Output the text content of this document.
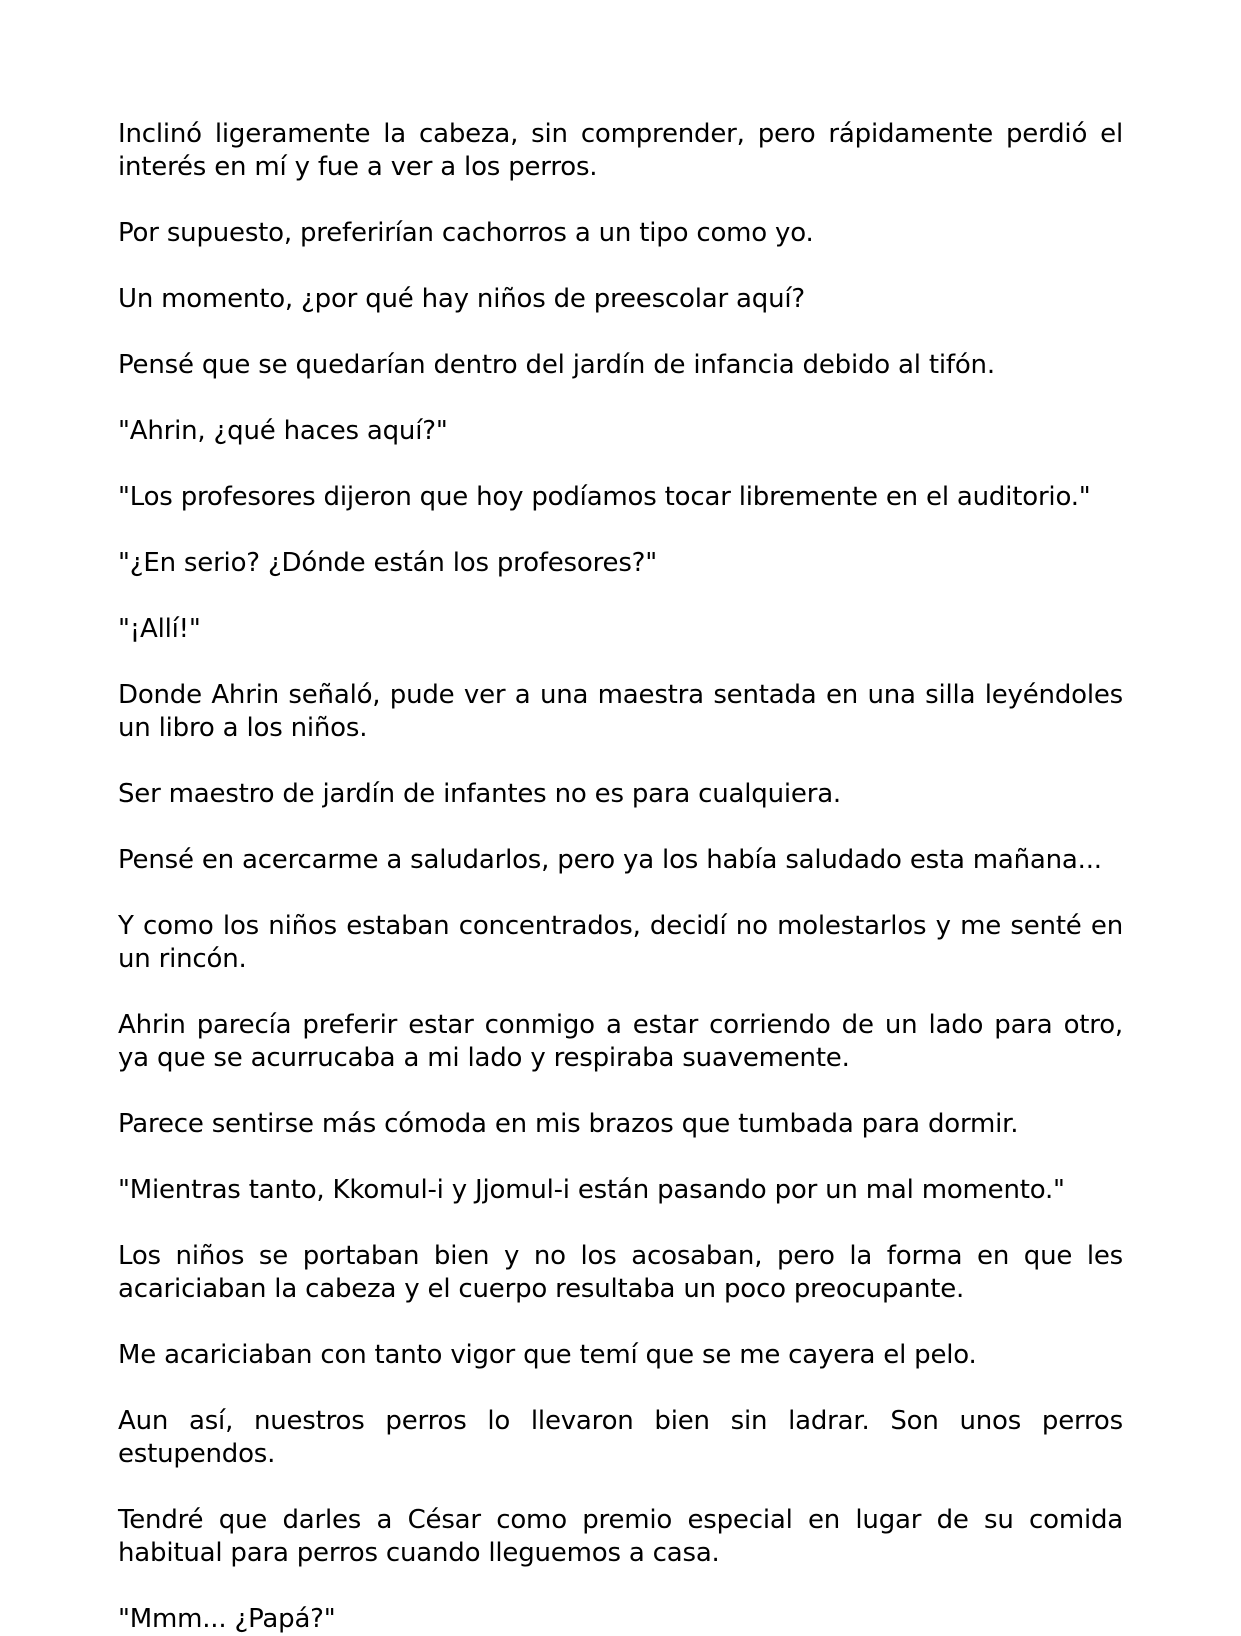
Inclinó ligeramente la cabeza, sin comprender, pero rápidamente perdió el interés en mí y fue a ver a los perros.

Por supuesto, preferirían cachorros a un tipo como yo.

Un momento, ¿por qué hay niños de preescolar aquí?

Pensé que se quedarían dentro del jardín de infancia debido al tifón.

"Ahrin, ¿qué haces aquí?"

"Los profesores dijeron que hoy podíamos tocar libremente en el auditorio."

"¿En serio? ¿Dónde están los profesores?"

"¡Allí!"

Donde Ahrin señaló, pude ver a una maestra sentada en una silla leyéndoles un libro a los niños.

Ser maestro de jardín de infantes no es para cualquiera.

Pensé en acercarme a saludarlos, pero ya los había saludado esta mañana...

Y como los niños estaban concentrados, decidí no molestarlos y me senté en un rincón.

Ahrin parecía preferir estar conmigo a estar corriendo de un lado para otro, ya que se acurrucaba a mi lado y respiraba suavemente.

Parece sentirse más cómoda en mis brazos que tumbada para dormir.

"Mientras tanto, Kkomul-i y Jjomul-i están pasando por un mal momento."

Los niños se portaban bien y no los acosaban, pero la forma en que les acariciaban la cabeza y el cuerpo resultaba un poco preocupante.

Me acariciaban con tanto vigor que temí que se me cayera el pelo.

Aun así, nuestros perros lo llevaron bien sin ladrar. Son unos perros estupendos.

Tendré que darles a César como premio especial en lugar de su comida habitual para perros cuando lleguemos a casa.

"Mmm... ¿Papá?"
